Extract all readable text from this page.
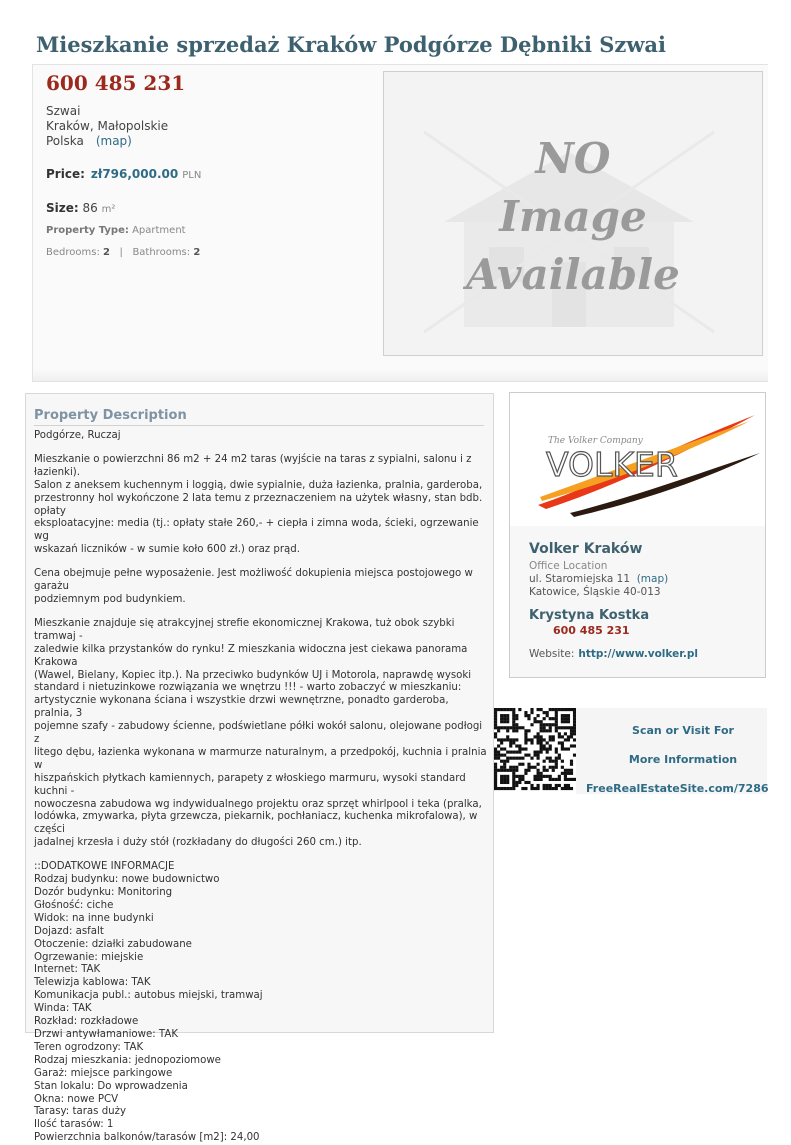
Mieszkanie sprzedaż Kraków Podgórze Dębniki Szwai
600 485 231
Szwai
Kraków, Małopolskie
Polska (map)
Price: zł796,000.00 PLN
Size: 86 m²
Property Type: Apartment
Bedrooms: 2 | Bathrooms: 2
NO
Image
Available
Property Description

Podgórze, Ruczaj

Mieszkanie o powierzchni 86 m2 + 24 m2 taras (wyjście na taras z sypialni, salonu i z łazienki).
Salon z aneksem kuchennym i loggią, dwie sypialnie, duża łazienka, pralnia, garderoba,
przestronny hol wykończone 2 lata temu z przeznaczeniem na użytek własny, stan bdb. opłaty
eksploatacyjne: media (tj.: opłaty stałe 260,- + ciepła i zimna woda, ścieki, ogrzewanie wg
wskazań liczników - w sumie koło 600 zł.) oraz prąd.

Cena obejmuje pełne wyposażenie. Jest możliwość dokupienia miejsca postojowego w garażu
podziemnym pod budynkiem.

Mieszkanie znajduje się atrakcyjnej strefie ekonomicznej Krakowa, tuż obok szybki tramwaj -
zaledwie kilka przystanków do rynku! Z mieszkania widoczna jest ciekawa panorama Krakowa
(Wawel, Bielany, Kopiec itp.). Na przeciwko budynków UJ i Motorola, naprawdę wysoki
standard i nietuzinkowe rozwiązania we wnętrzu !!! - warto zobaczyć w mieszkaniu:
artystycznie wykonana ściana i wszystkie drzwi wewnętrzne, ponadto garderoba, pralnia, 3
pojemne szafy - zabudowy ścienne, podświetlane półki wokół salonu, olejowane podłogi z
litego dębu, łazienka wykonana w marmurze naturalnym, a przedpokój, kuchnia i pralnia w
hiszpańskich płytkach kamiennych, parapety z włoskiego marmuru, wysoki standard kuchni -
nowoczesna zabudowa wg indywidualnego projektu oraz sprzęt whirlpool i teka (pralka,
lodówka, zmywarka, płyta grzewcza, piekarnik, pochłaniacz, kuchenka mikrofalowa), w części
jadalnej krzesła i duży stół (rozkładany do długości 260 cm.) itp.

::DODATKOWE INFORMACJE
Rodzaj budynku: nowe budownictwo
Dozór budynku: Monitoring
Głośność: ciche
Widok: na inne budynki
Dojazd: asfalt
Otoczenie: działki zabudowane
Ogrzewanie: miejskie
Internet: TAK
Telewizja kablowa: TAK
Komunikacja publ.: autobus miejski, tramwaj
Winda: TAK
Rozkład: rozkładowe
Drzwi antywłamaniowe: TAK
Teren ogrodzony: TAK
Rodzaj mieszkania: jednopoziomowe
Garaż: miejsce parkingowe
Stan lokalu: Do wprowadzenia
Okna: nowe PCV
Tarasy: taras duży
Ilość tarasów: 1
Powierzchnia balkonów/tarasów [m2]: 24,00
The Volker Company
VOLKER
Volker Kraków
Office Location
ul. Staromiejska 11 (map)
Katowice, Śląskie 40-013
Krystyna Kostka
600 485 231
Website: http://www.volker.pl
Scan or Visit For
More Information
FreeRealEstateSite.com/7286
